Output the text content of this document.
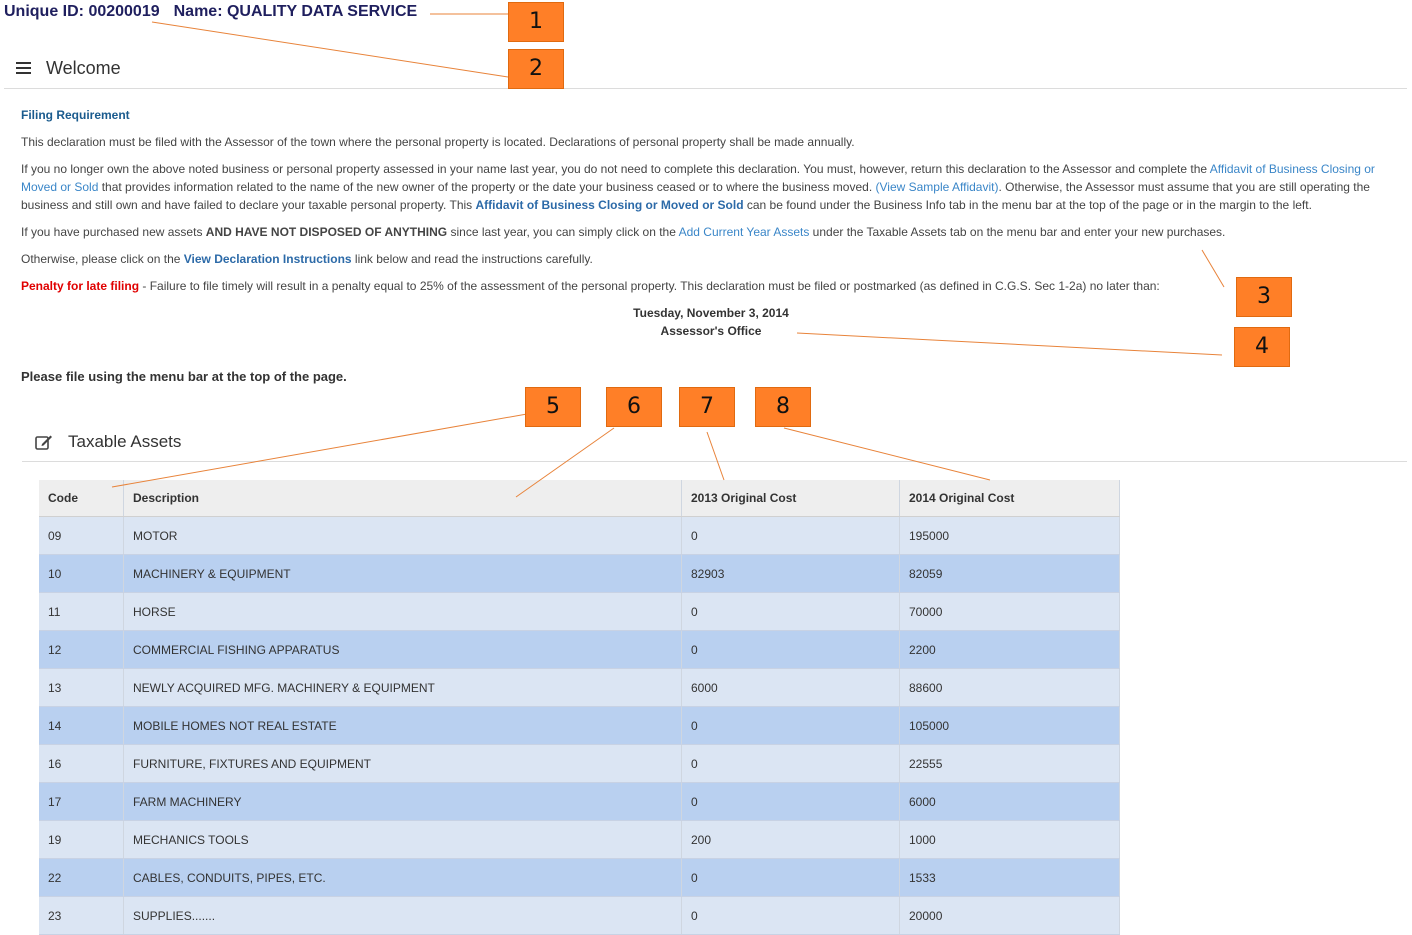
Unique ID: 00200019 Name: QUALITY DATA SERVICE
Welcome

Filing Requirement

This declaration must be filed with the Assessor of the town where the personal property is located. Declarations of personal property shall be made annually.

If you no longer own the above noted business or personal property assessed in your name last year, you do not need to complete this declaration. You must, however, return this declaration to the Assessor and complete the Affidavit of Business Closing or Moved or Sold that provides information related to the name of the new owner of the property or the date your business ceased or to where the business moved. (View Sample Affidavit). Otherwise, the Assessor must assume that you are still operating the business and still own and have failed to declare your taxable personal property. This Affidavit of Business Closing or Moved or Sold can be found under the Business Info tab in the menu bar at the top of the page or in the margin to the left.

If you have purchased new assets AND HAVE NOT DISPOSED OF ANYTHING since last year, you can simply click on the Add Current Year Assets under the Taxable Assets tab on the menu bar and enter your new purchases.

Otherwise, please click on the View Declaration Instructions link below and read the instructions carefully.

Penalty for late filing - Failure to file timely will result in a penalty equal to 25% of the assessment of the personal property. This declaration must be filed or postmarked (as defined in C.G.S. Sec 1-2a) no later than:

Tuesday, November 3, 2014
Assessor's Office
Please file using the menu bar at the top of the page.
Taxable Assets
Code	Description	2013 Original Cost	2014 Original Cost
09	MOTOR	0	195000
10	MACHINERY & EQUIPMENT	82903	82059
11	HORSE	0	70000
12	COMMERCIAL FISHING APPARATUS	0	2200
13	NEWLY ACQUIRED MFG. MACHINERY & EQUIPMENT	6000	88600
14	MOBILE HOMES NOT REAL ESTATE	0	105000
16	FURNITURE, FIXTURES AND EQUIPMENT	0	22555
17	FARM MACHINERY	0	6000
19	MECHANICS TOOLS	200	1000
22	CABLES, CONDUITS, PIPES, ETC.	0	1533
23	SUPPLIES.......	0	20000
1
2
3
4
5	6	7	8
